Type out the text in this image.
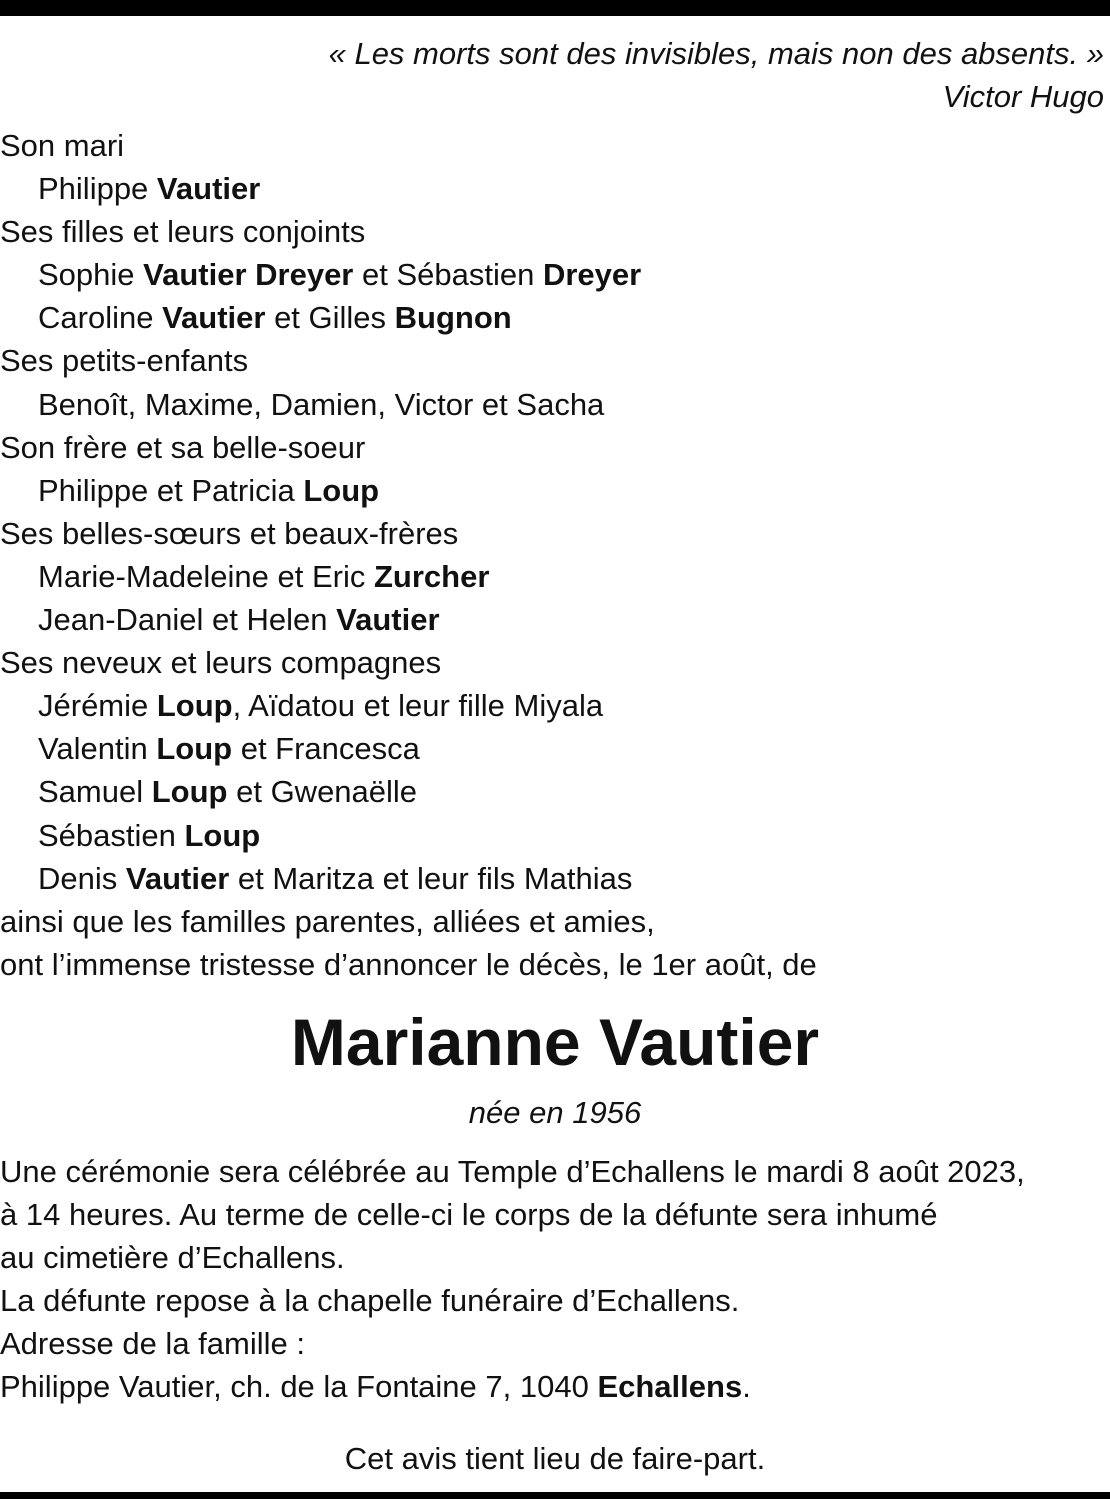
« Les morts sont des invisibles, mais non des absents. »
Victor Hugo
Son mari
Philippe Vautier
Ses filles et leurs conjoints
Sophie Vautier Dreyer et Sébastien Dreyer
Caroline Vautier et Gilles Bugnon
Ses petits-enfants
Benoît, Maxime, Damien, Victor et Sacha
Son frère et sa belle-soeur
Philippe et Patricia Loup
Ses belles-sœurs et beaux-frères
Marie-Madeleine et Eric Zurcher
Jean-Daniel et Helen Vautier
Ses neveux et leurs compagnes
Jérémie Loup, Aïdatou et leur fille Miyala
Valentin Loup et Francesca
Samuel Loup et Gwenaëlle
Sébastien Loup
Denis Vautier et Maritza et leur fils Mathias
ainsi que les familles parentes, alliées et amies,
ont l’immense tristesse d’annoncer le décès, le 1er août, de
Marianne Vautier
née en 1956
Une cérémonie sera célébrée au Temple d’Echallens le mardi 8 août 2023,
à 14 heures. Au terme de celle-ci le corps de la défunte sera inhumé
au cimetière d’Echallens.
La défunte repose à la chapelle funéraire d’Echallens.
Adresse de la famille :
Philippe Vautier, ch. de la Fontaine 7, 1040 Echallens.
Cet avis tient lieu de faire-part.
